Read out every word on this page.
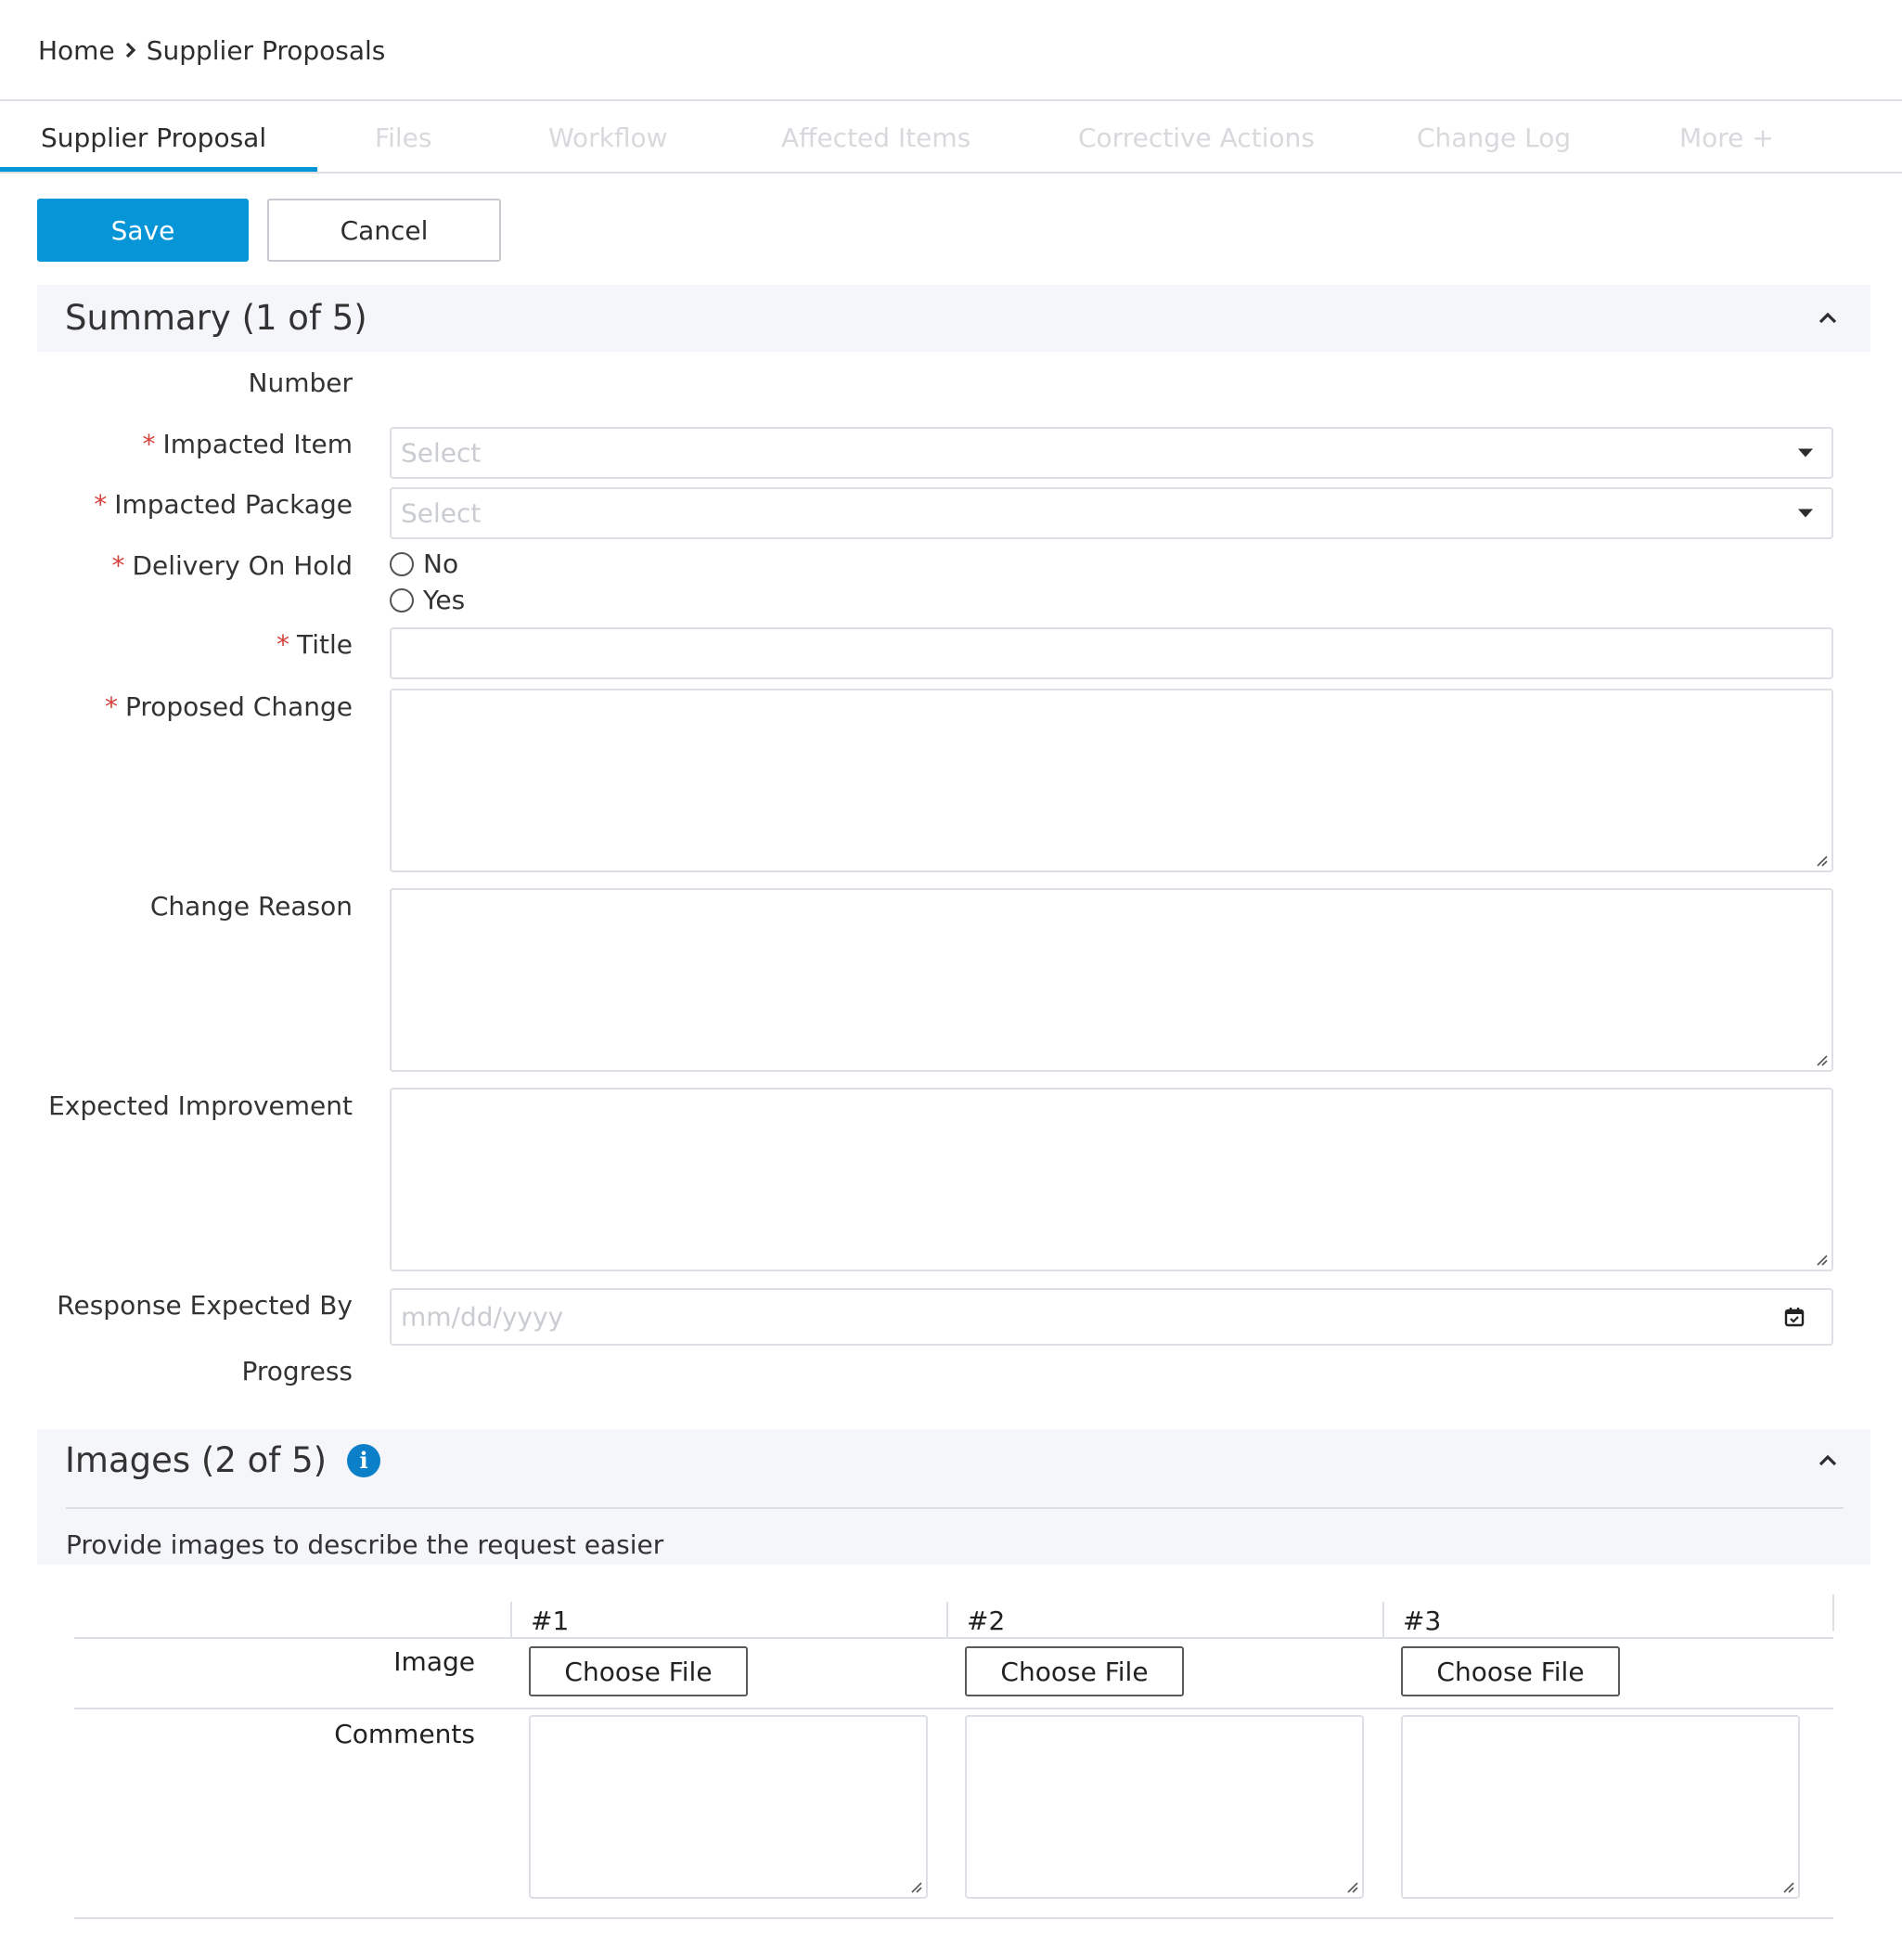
Home Supplier Proposals
Supplier Proposal	Files	Workflow	Affected Items	Corrective Actions	Change Log	More +
Save	Cancel
Summary (1 of 5)
Number
* Impacted Item Select
* Impacted Package Select
* Delivery On Hold	No
Yes
* Title
* Proposed Change
Change Reason
Expected Improvement
Response Expected By mm/dd/yyyy
Progress
Images (2 of 5)	i
Provide images to describe the request easier
#1	#2	#3
Image	Choose File	Choose File	Choose File
Comments
